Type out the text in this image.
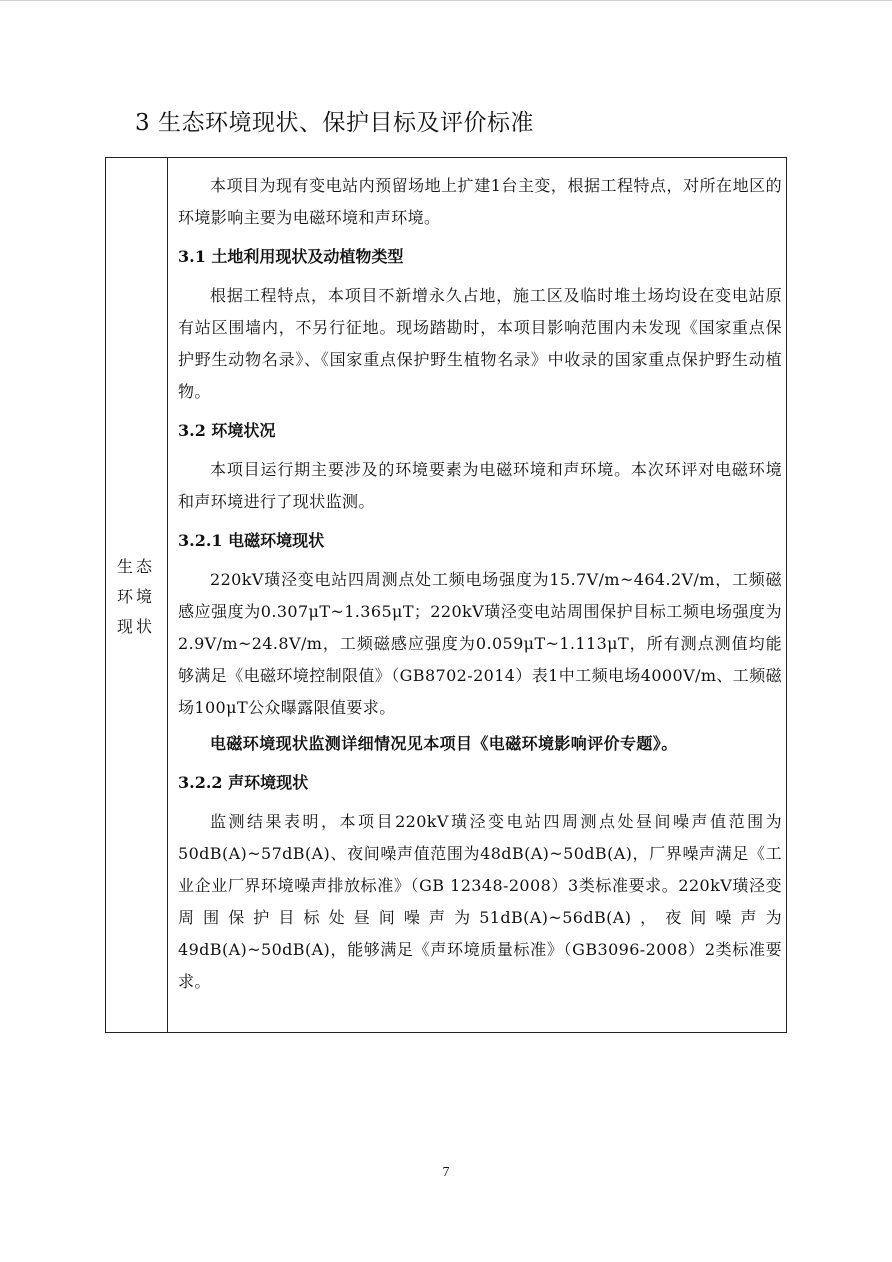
3 生态环境现状、保护目标及评价标准
生态
环境
现状

本项目为现有变电站内预留场地上扩建1台主变，根据工程特点，对所在地区的环境影响主要为电磁环境和声环境。

3.1 土地利用现状及动植物类型

根据工程特点，本项目不新增永久占地，施工区及临时堆土场均设在变电站原有站区围墙内，不另行征地。现场踏勘时，本项目影响范围内未发现《国家重点保护野生动物名录》、《国家重点保护野生植物名录》中收录的国家重点保护野生动植物。

3.2 环境状况

本项目运行期主要涉及的环境要素为电磁环境和声环境。本次环评对电磁环境和声环境进行了现状监测。

3.2.1 电磁环境现状

220kV璜泾变电站四周测点处工频电场强度为15.7V/m~464.2V/m，工频磁感应强度为0.307μT~1.365μT；220kV璜泾变电站周围保护目标工频电场强度为2.9V/m~24.8V/m，工频磁感应强度为0.059μT~1.113μT，所有测点测值均能够满足《电磁环境控制限值》（GB8702-2014）表1中工频电场4000V/m、工频磁场100μT公众曝露限值要求。

电磁环境现状监测详细情况见本项目《电磁环境影响评价专题》。

3.2.2 声环境现状

监测结果表明，本项目220kV璜泾变电站四周测点处昼间噪声值范围为50dB(A)~57dB(A)、夜间噪声值范围为48dB(A)~50dB(A)，厂界噪声满足《工业企业厂界环境噪声排放标准》（GB 12348-2008）3类标准要求。220kV璜泾变周围保护目标处昼间噪声为51dB(A)~56dB(A)，夜间噪声为49dB(A)~50dB(A)，能够满足《声环境质量标准》（GB3096-2008）2类标准要求。

7
